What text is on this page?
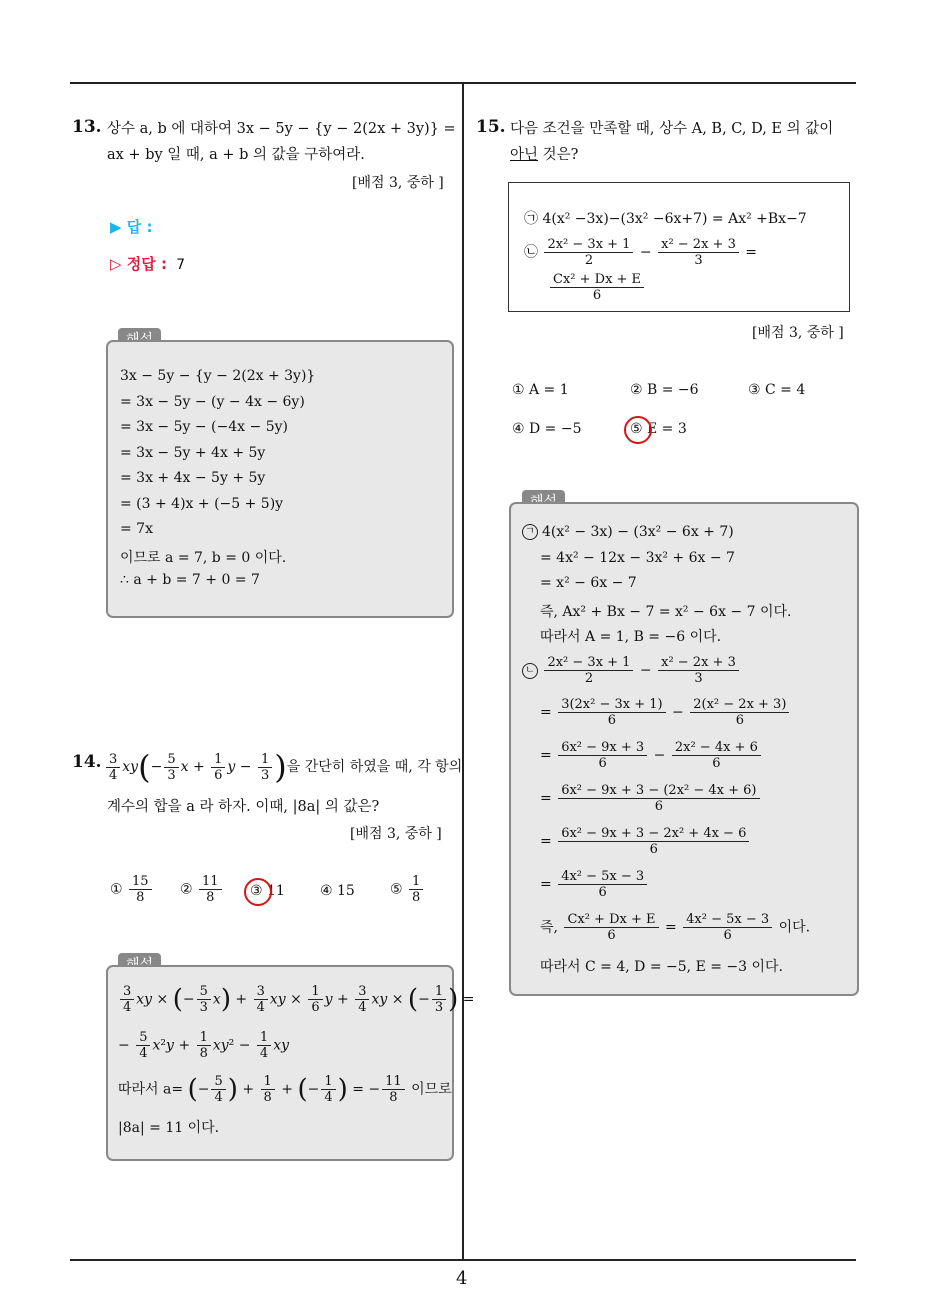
4
13. 상수 a, b 에 대하여 3x − 5y − {y − 2(2x + 3y)} =
ax + by 일 때, a + b 의 값을 구하여라.
[배점 3, 중하 ]
▶ 답 :
▷ 정답 : 7
3x − 5y − {y − 2(2x + 3y)}
= 3x − 5y − (y − 4x − 6y)
= 3x − 5y − (−4x − 5y)
= 3x − 5y + 4x + 5y
= 3x + 4x − 5y + 5y
= (3 + 4)x + (−5 + 5)y
= 7x
이므로 a = 7, b = 0 이다.
∴ a + b = 7 + 0 = 7
14. $\frac{3}{4} xy(- \frac{5}{3}$ $x + \frac{1}{6}$ $y - \frac{1}{3}$ )을 간단히 하였을 때, 각 항의
계수의 합을 a 라 하자. 이때, |8a| 의 값은?
[배점 3, 중하 ]
① $\frac{15}{8}$ ② $\frac{11}{8}$ ③ 11	④ 15	⑤ $\frac{1}{8}$
$\frac{3}{4}$ xy × (− $\frac{5}{3} x) + \frac{3}{4}$ xy × $\frac{1}{6}$ $y + \frac{3}{4}$ xy × (− $\frac{1}{3}$ ) =
− $\frac{5}{4} x^2y + \frac{1}{8} xy^2 - \frac{1}{4}$ xy
따라서 a= (− $\frac{5}{4}$ ) + $\frac{1}{8}$ + (− $\frac{1}{4}$ ) = − $\frac{11}{8}$ 이므로
|8a| = 11 이다.
15. 다음 조건을 만족할 때, 상수 A, B, C, D, E 의 값이
아닌 것은?
㉠ 4(x² −3x)−(3x² −6x+7) = Ax² +Bx−7
㉡ $\frac{\text{2x² − 3x + 1}}{2} - \frac{\text{x² − 2x + 3}}{3}$ =
$\frac{\text{Cx² + Dx + E}}{6}$
[배점 3, 중하 ]
① A = 1	② B = −6	③ C = 4
④ D = −5	⑤ E = 3
ㄱ 4(x² − 3x) − (3x² − 6x + 7)
= 4x² − 12x − 3x² + 6x − 7
= x² − 6x − 7
즉, Ax² + Bx − 7 = x² − 6x − 7 이다.
따라서 A = 1, B = −6 이다.
ㄴ $\frac{\text{2x² − 3x + 1}}{2} - \frac{\text{x² − 2x + 3}}{3}$
= $\frac{\text{3(2x² − 3x + 1)}}{6} - \frac{\text{2(x² − 2x + 3)}}{6}$
= $\frac{\text{6x² − 9x + 3}}{6} - \frac{\text{2x² − 4x + 6}}{6}$
= $\frac{\text{6x² − 9x + 3 − (2x² − 4x + 6)}}{6}$
= $\frac{\text{6x² − 9x + 3 − 2x² + 4x − 6}}{6}$
= $\frac{\text{4x² − 5x − 3}}{6}$
즉, $\frac{\text{Cx² + Dx + E}}{6} = \frac{\text{4x² − 5x − 3}}{6}$ 이다.
따라서 C = 4, D = −5, E = −3 이다.
